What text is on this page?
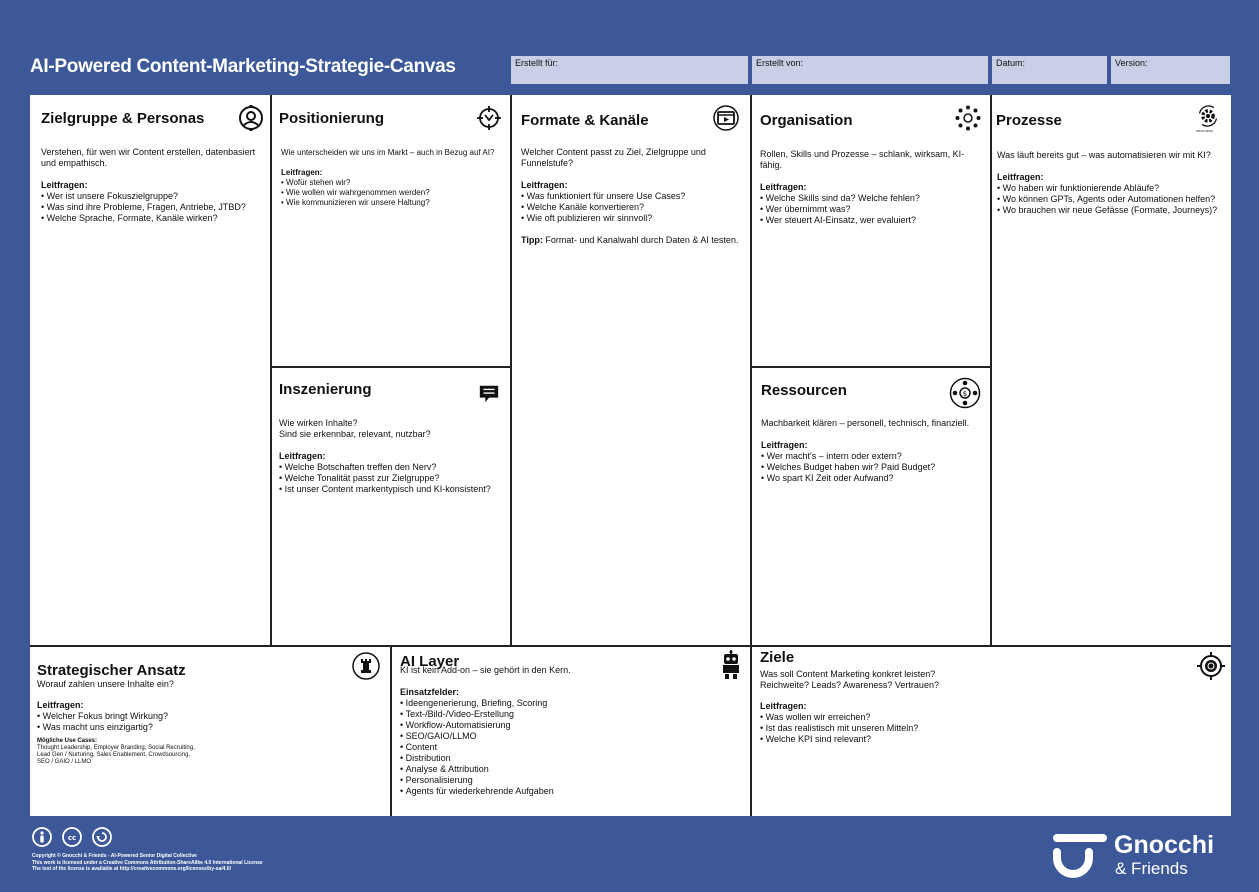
AI-Powered Content-Marketing-Strategie-Canvas	Erstellt für:	Erstellt von:	Datum:	Version:
Zielgruppe & Personas

Verstehen, für wen wir Content erstellen, datenbasiert und empathisch.

Leitfragen:

• Wer ist unsere Fokuszielgruppe?
• Was sind ihre Probleme, Fragen, Antriebe, JTBD?
• Welche Sprache, Formate, Kanäle wirken?
Positionierung

Wie unterscheiden wir uns im Markt – auch in Bezug auf AI?

Leitfragen:

• Wofür stehen wir?
• Wie wollen wir wahrgenommen werden?
• Wie kommunizieren wir unsere Haltung?
Formate & Kanäle

Welcher Content passt zu Ziel, Zielgruppe und Funnelstufe?

Leitfragen:

• Was funktioniert für unsere Use Cases?
• Welche Kanäle konvertieren?
• Wie oft publizieren wir sinnvoll?

Tipp: Format- und Kanalwahl durch Daten & AI testen.

Organisation

Rollen, Skills und Prozesse – schlank, wirksam, KI-fähig.

Leitfragen:

• Welche Skills sind da? Welche fehlen?
• Wer übernimmt was?
• Wer steuert AI-Einsatz, wer evaluiert?
Prozesse
PROCCESS

Was läuft bereits gut – was automatisieren wir mit KI?

Leitfragen:

• Wo haben wir funktionierende Abläufe?
• Wo können GPTs, Agents oder Automationen helfen?
• Wo brauchen wir neue Gefässe (Formate, Journeys)?
Inszenierung

Wie wirken Inhalte?

Sind sie erkennbar, relevant, nutzbar?

Leitfragen:

• Welche Botschaften treffen den Nerv?
• Welche Tonalität passt zur Zielgruppe?
• Ist unser Content markentypisch und KI-konsistent?
Ressourcen	$

Machbarkeit klären – personell, technisch, finanziell.

Leitfragen:

• Wer macht's – intern oder extern?
• Welches Budget haben wir? Paid Budget?
• Wo spart KI Zeit oder Aufwand?
Strategischer Ansatz

Worauf zahlen unsere Inhalte ein?

Leitfragen:

• Welcher Fokus bringt Wirkung?
• Was macht uns einzigartig?

Mögliche Use Cases:

Thought Leadership, Employer Branding, Social Recruiting,

Lead Gen / Nurturing, Sales Enablement, Crowdsourcing,

SEO / GAIO / LLMO

AI Layer

KI ist kein Add-on – sie gehört in den Kern.

Einsatzfelder:

• Ideengenerierung, Briefing, Scoring
• Text-/Bild-/Video-Erstellung
• Workflow-Automatisierung
• SEO/GAIO/LLMO
• Content
• Distribution
• Analyse & Attribution
• Personalisierung
• Agents für wiederkehrende Aufgaben
Ziele

Was soll Content Marketing konkret leisten?

Reichweite? Leads? Awareness? Vertrauen?

Leitfragen:

• Was wollen wir erreichen?
• Ist das realistisch mit unseren Mitteln?
• Welche KPI sind relevant?
cc
Copyright © Gnocchi & Friends - AI-Powered Senior Digital Collective
This work is licensed under a Creative Commons Attribution-ShareAlike 4.0 International License
The text of the license is available at http://creativecommons.org/licenses/by-sa/4.0/
Gnocchi
& Friends
